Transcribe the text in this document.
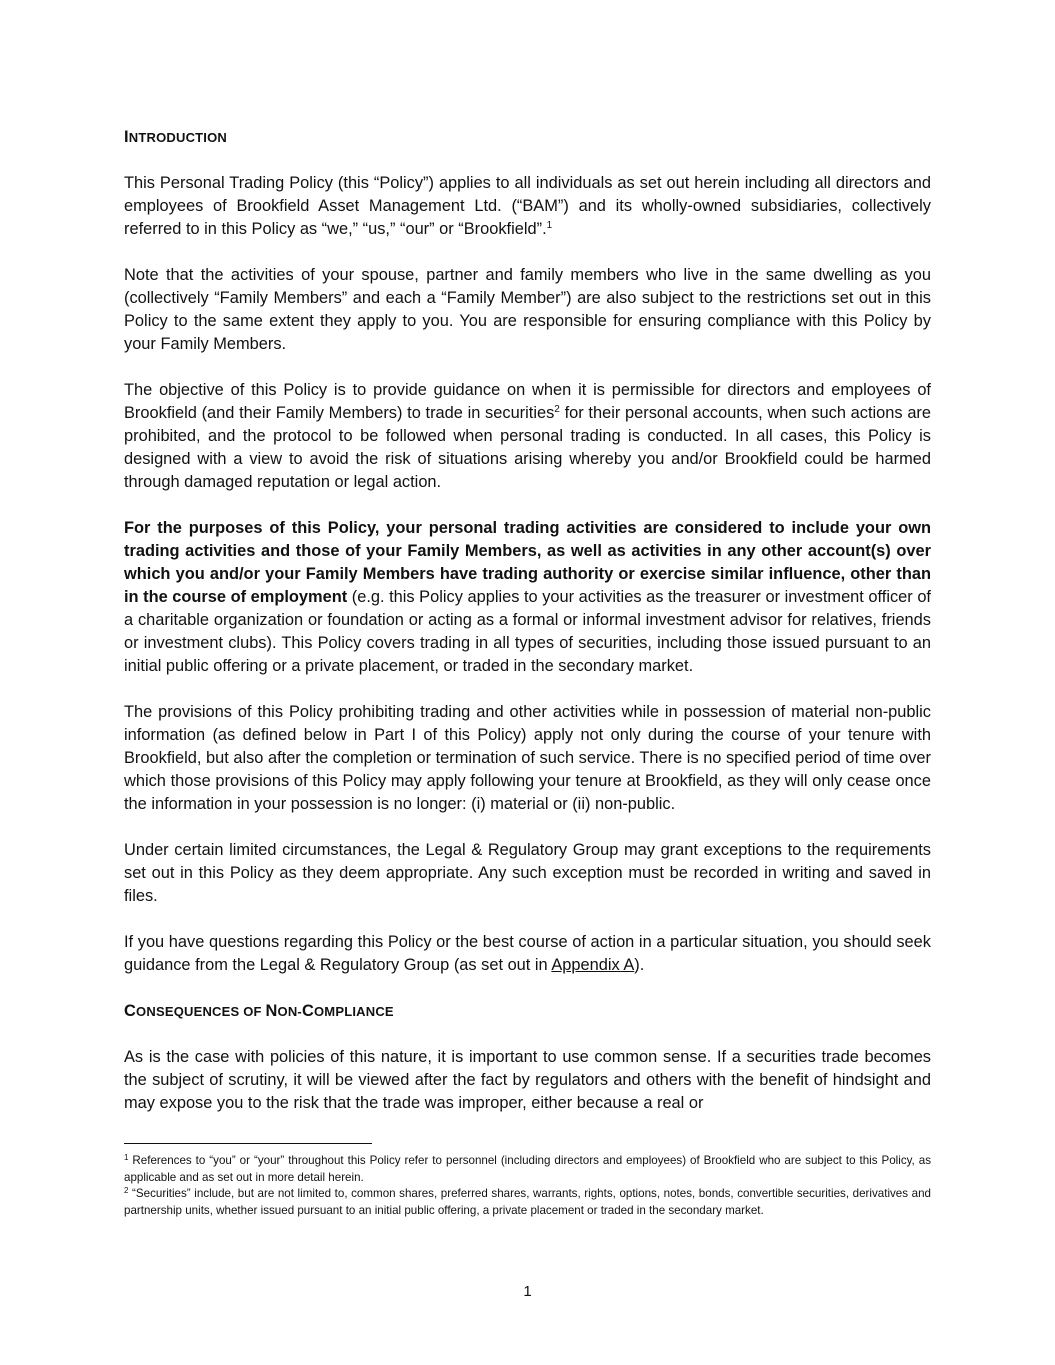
INTRODUCTION

This Personal Trading Policy (this “Policy”) applies to all individuals as set out herein including all directors and employees of Brookfield Asset Management Ltd. (“BAM”) and its wholly-owned subsidiaries, collectively referred to in this Policy as “we,” “us,” “our” or “Brookfield”.$^1$

Note that the activities of your spouse, partner and family members who live in the same dwelling as you (collectively “Family Members” and each a “Family Member”) are also subject to the restrictions set out in this Policy to the same extent they apply to you. You are responsible for ensuring compliance with this Policy by your Family Members.

The objective of this Policy is to provide guidance on when it is permissible for directors and employees of Brookfield (and their Family Members) to trade in securities$^2$ for their personal accounts, when such actions are prohibited, and the protocol to be followed when personal trading is conducted. In all cases, this Policy is designed with a view to avoid the risk of situations arising whereby you and/or Brookfield could be harmed through damaged reputation or legal action.

For the purposes of this Policy, your personal trading activities are considered to include your own trading activities and those of your Family Members, as well as activities in any other account(s) over which you and/or your Family Members have trading authority or exercise similar influence, other than in the course of employment (e.g. this Policy applies to your activities as the treasurer or investment officer of a charitable organization or foundation or acting as a formal or informal investment advisor for relatives, friends or investment clubs). This Policy covers trading in all types of securities, including those issued pursuant to an initial public offering or a private placement, or traded in the secondary market.

The provisions of this Policy prohibiting trading and other activities while in possession of material non-public information (as defined below in Part I of this Policy) apply not only during the course of your tenure with Brookfield, but also after the completion or termination of such service. There is no specified period of time over which those provisions of this Policy may apply following your tenure at Brookfield, as they will only cease once the information in your possession is no longer: (i) material or (ii) non-public.

Under certain limited circumstances, the Legal & Regulatory Group may grant exceptions to the requirements set out in this Policy as they deem appropriate. Any such exception must be recorded in writing and saved in files.

If you have questions regarding this Policy or the best course of action in a particular situation, you should seek guidance from the Legal & Regulatory Group (as set out in Appendix A).

CONSEQUENCES OF NON-COMPLIANCE

As is the case with policies of this nature, it is important to use common sense. If a securities trade becomes the subject of scrutiny, it will be viewed after the fact by regulators and others with the benefit of hindsight and may expose you to the risk that the trade was improper, either because a real or

$^1$ References to “you” or “your” throughout this Policy refer to personnel (including directors and employees) of Brookfield who are subject to this Policy, as applicable and as set out in more detail herein.

$^2$ “Securities” include, but are not limited to, common shares, preferred shares, warrants, rights, options, notes, bonds, convertible securities, derivatives and partnership units, whether issued pursuant to an initial public offering, a private placement or traded in the secondary market.

1
